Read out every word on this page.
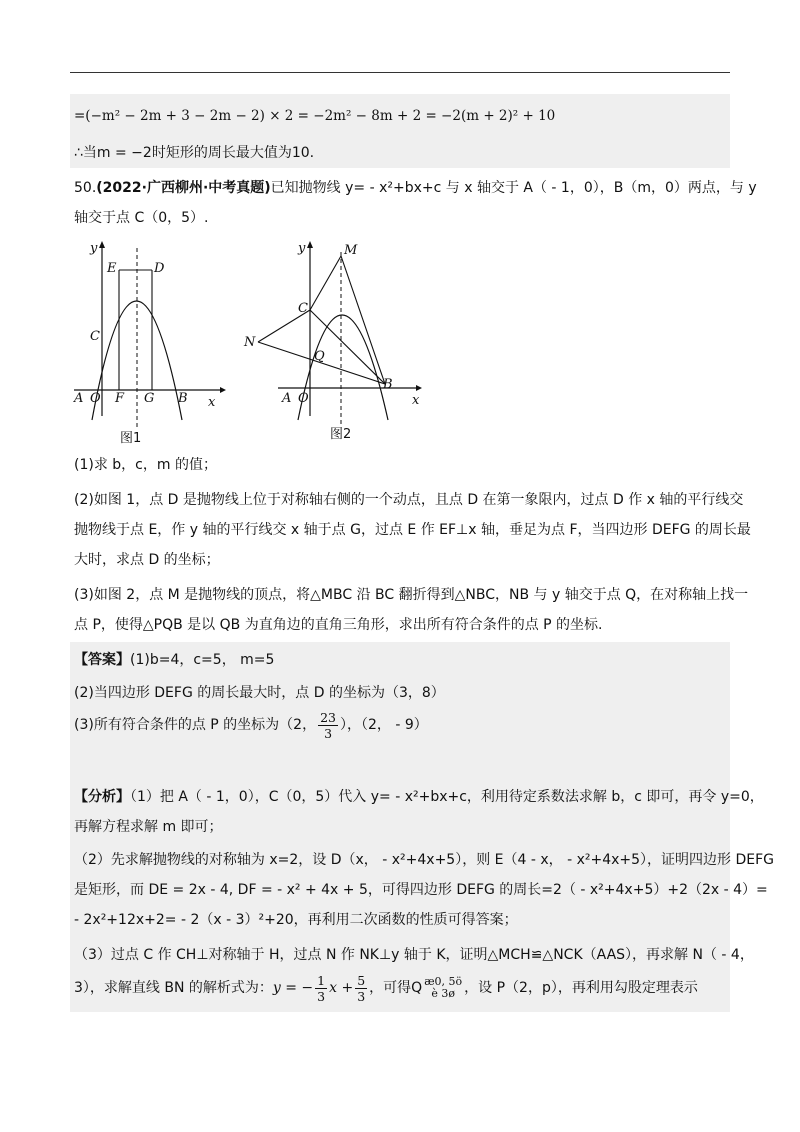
=(−m² − 2m + 3 − 2m − 2) × 2 = −2m² − 8m + 2 = −2(m + 2)² + 10
∴当m = −2时矩形的周长最大值为10.
50.(2022·广西柳州·中考真题)已知抛物线 y= - x²+bx+c 与 x 轴交于 A（ - 1，0），B（m，0）两点，与 y
轴交于点 C（0，5）.
y
x
E	D
C
A O F G B
图1
y
x
M
C
N
Q
A O
B
图2
(1)求 b，c，m 的值；
(2)如图 1，点 D 是抛物线上位于对称轴右侧的一个动点，且点 D 在第一象限内，过点 D 作 x 轴的平行线交
抛物线于点 E，作 y 轴的平行线交 x 轴于点 G，过点 E 作 EF⊥x 轴，垂足为点 F，当四边形 DEFG 的周长最
大时，求点 D 的坐标；
(3)如图 2，点 M 是抛物线的顶点，将△MBC 沿 BC 翻折得到△NBC，NB 与 y 轴交于点 Q，在对称轴上找一
点 P，使得△PQB 是以 QB 为直角边的直角三角形，求出所有符合条件的点 P 的坐标.
【答案】(1)b=4，c=5， m=5
(2)当四边形 DEFG 的周长最大时，点 D 的坐标为（3，8）
(3)所有符合条件的点 P 的坐标为（2， $\frac{23}{3}$ ），（2， - 9）
【分析】（1）把 A（ - 1，0），C（0，5）代入 y= - x²+bx+c，利用待定系数法求解 b，c 即可，再令 y=0，
再解方程求解 m 即可；
（2）先求解抛物线的对称轴为 x=2，设 D（x， - x²+4x+5），则 E（4 - x， - x²+4x+5），证明四边形 DEFG
是矩形，而 DE = 2x - 4, DF = - x² + 4x + 5，可得四边形 DEFG 的周长=2（ - x²+4x+5）+2（2x - 4）=
- 2x²+12x+2= - 2（x - 3）²+20，再利用二次函数的性质可得答案；
（3）过点 C 作 CH⊥对称轴于 H，过点 N 作 NK⊥y 轴于 K，证明△MCH≌△NCK（AAS），再求解 N（ - 4，
3），求解直线 BN 的解析式为：y = − $\frac{1}{3}$ $x + \frac{5}{3}$ ，可得Q æ0, 5ö
è 3ø ，设 P（2，p），再利用勾股定理表示
